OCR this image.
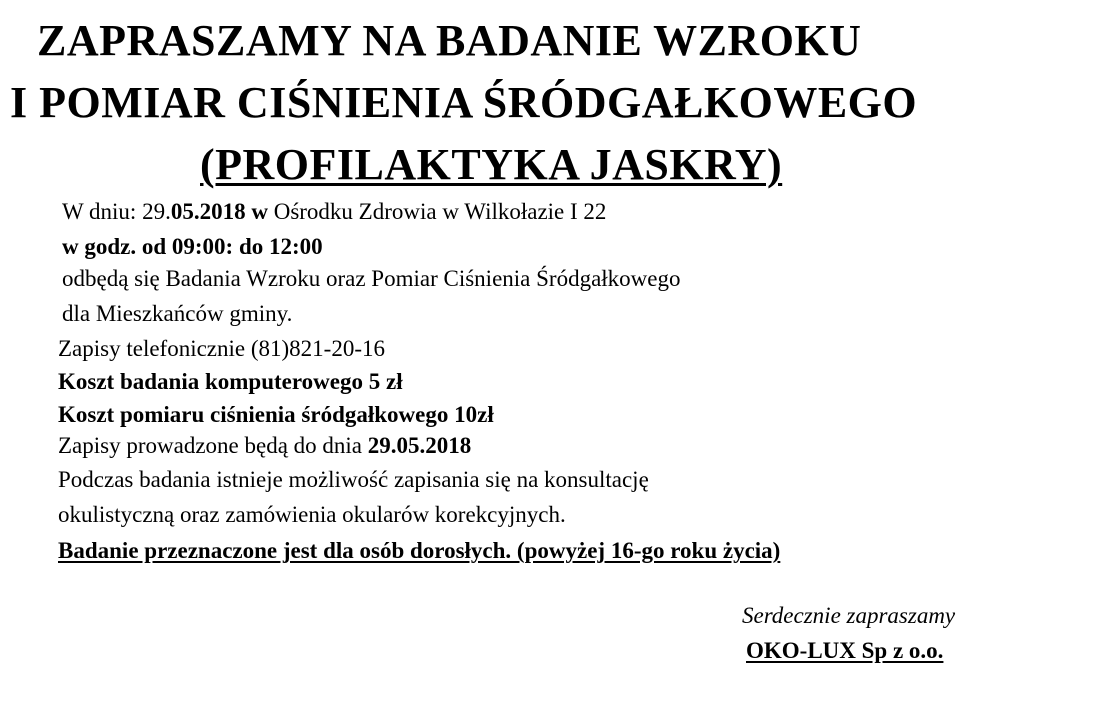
ZAPRASZAMY NA BADANIE WZROKU
I POMIAR CIŚNIENIA ŚRÓDGAŁKOWEGO
(PROFILAKTYKA JASKRY)
W dniu: 29.05.2018 w Ośrodku Zdrowia w Wilkołazie I 22
w godz. od 09:00: do 12:00
odbędą się Badania Wzroku oraz Pomiar Ciśnienia Śródgałkowego
dla Mieszkańców gminy.
Zapisy telefonicznie (81)821-20-16
Koszt badania komputerowego 5 zł
Koszt pomiaru ciśnienia śródgałkowego 10zł
Zapisy prowadzone będą do dnia 29.05.2018
Podczas badania istnieje możliwość zapisania się na konsultację
okulistyczną oraz zamówienia okularów korekcyjnych.
Badanie przeznaczone jest dla osób dorosłych. (powyżej 16-go roku życia)
Serdecznie zapraszamy
OKO-LUX Sp z o.o.
